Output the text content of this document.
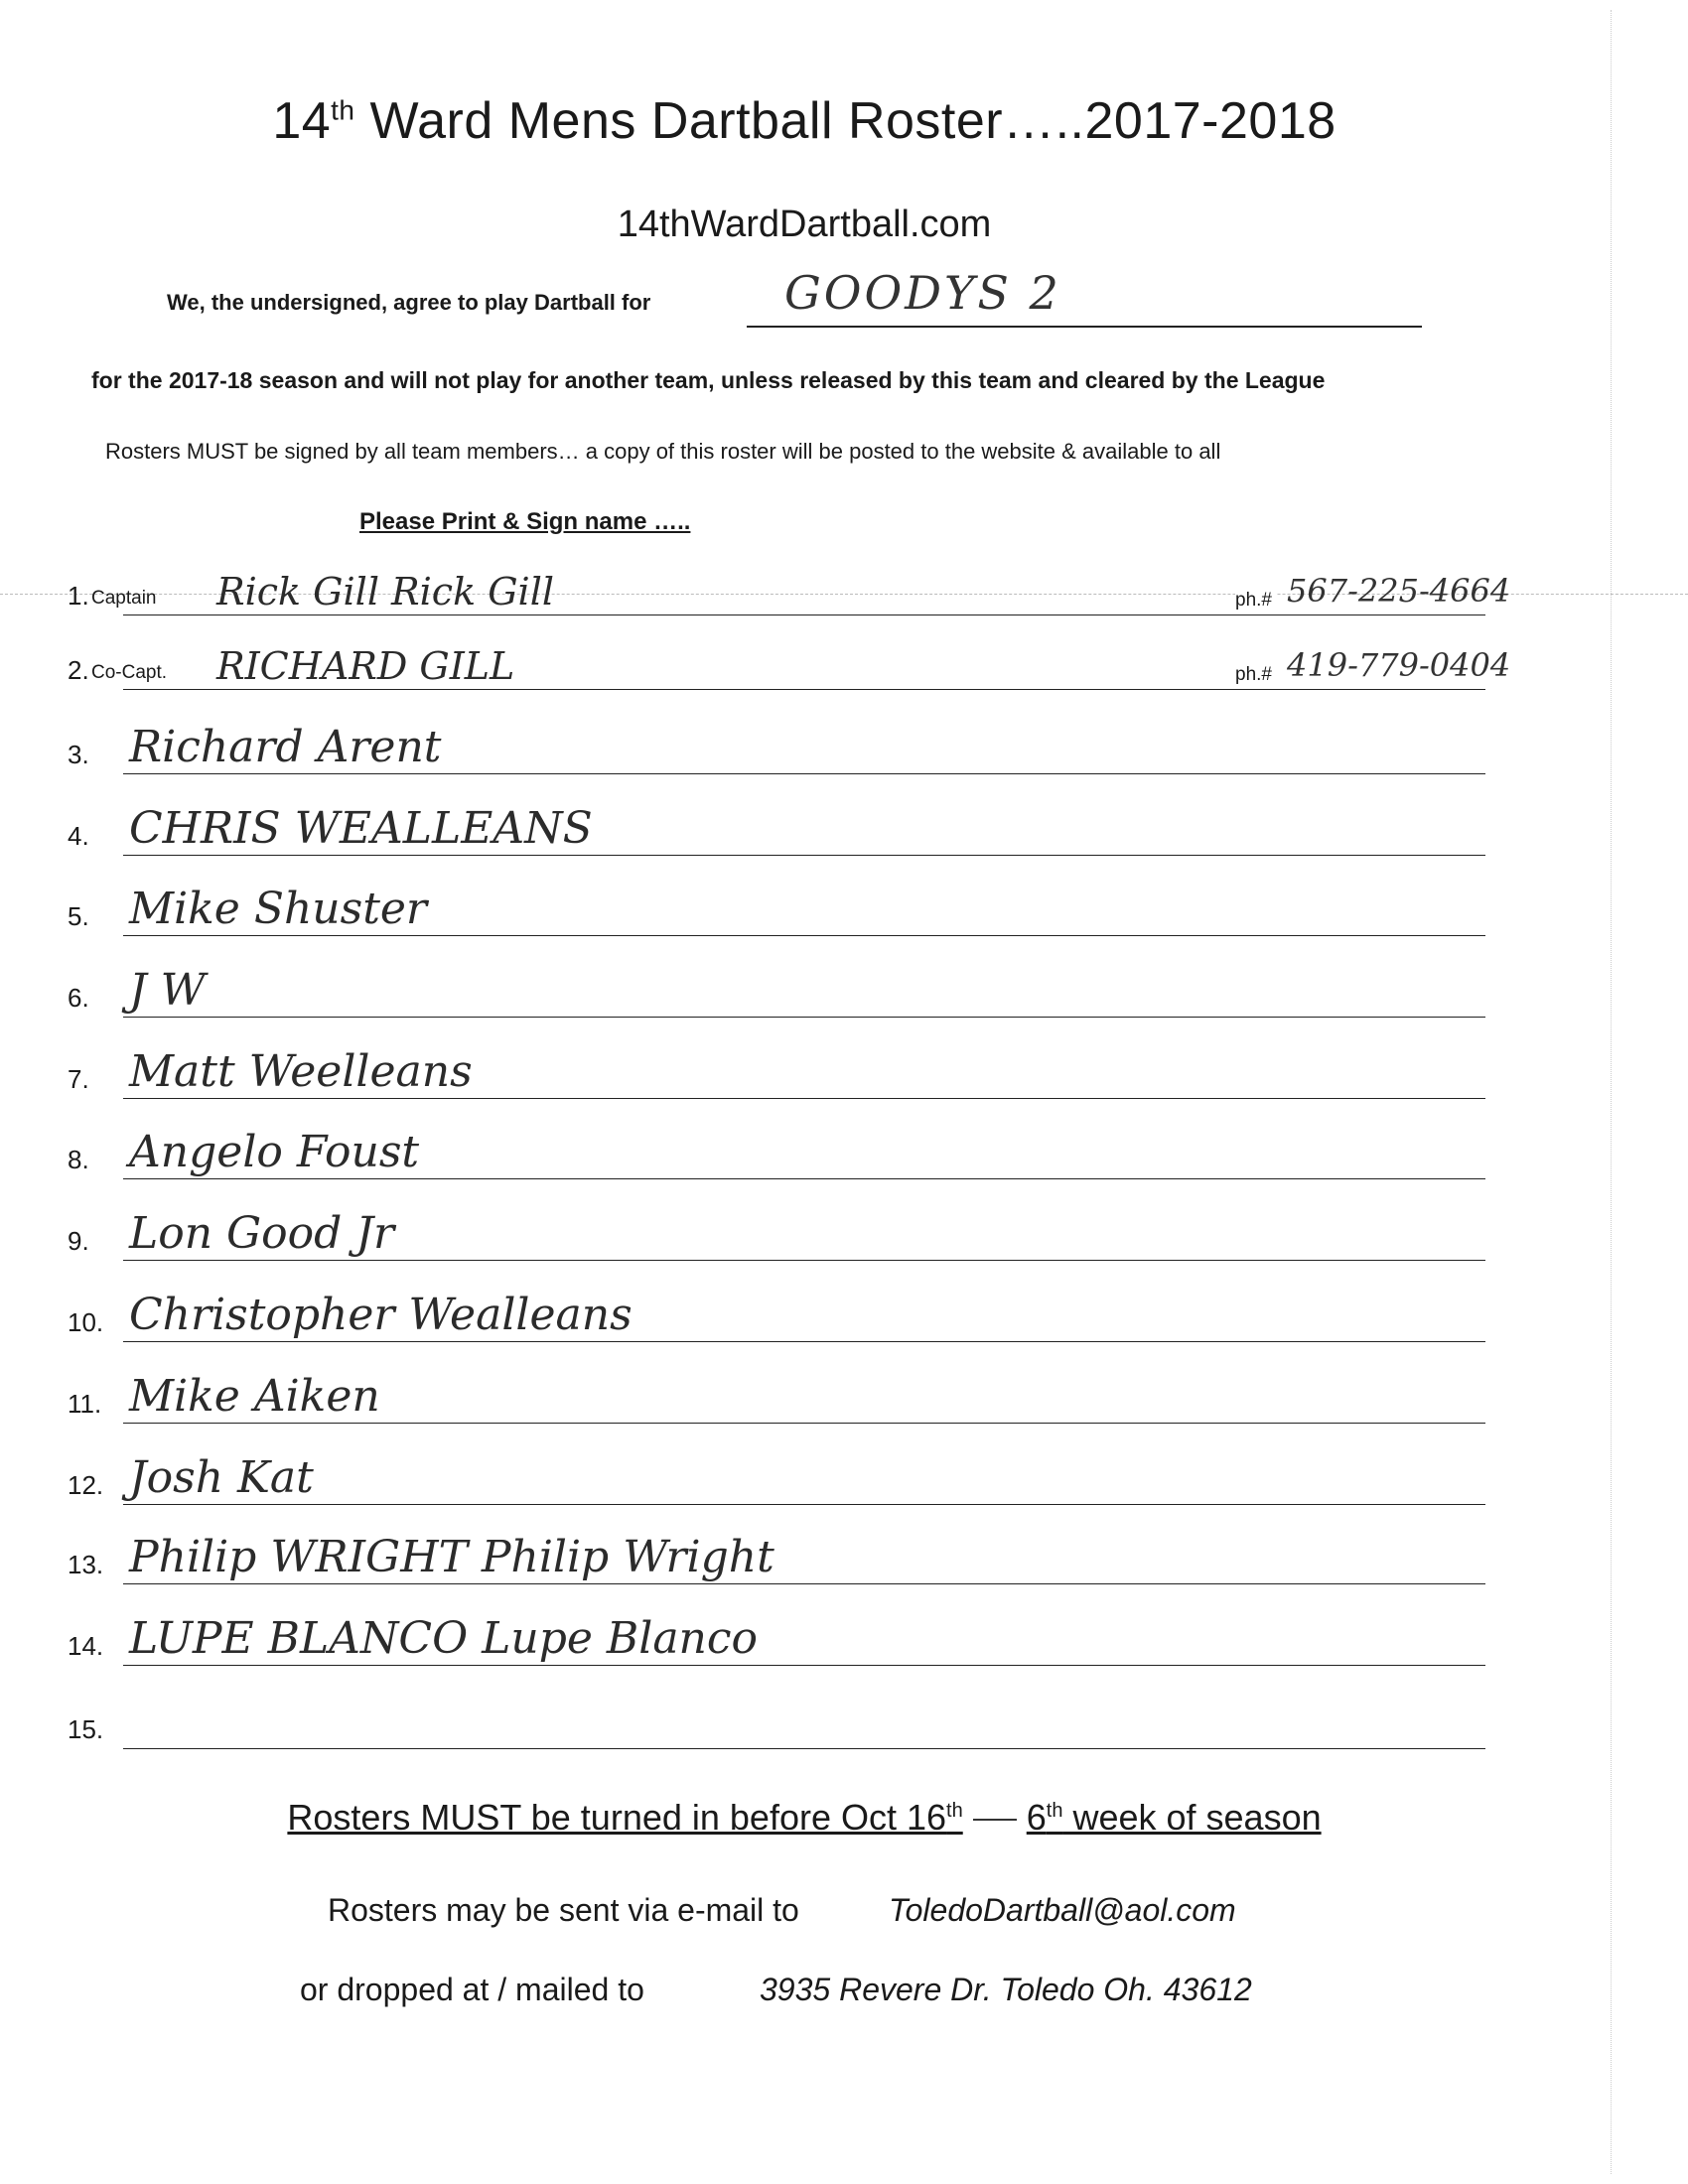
14th Ward Mens Dartball Roster…..2017-2018
14thWardDartball.com
We, the undersigned, agree to play Dartball for	GOODYS 2
for the 2017-18 season and will not play for another team, unless released by this team and cleared by the League
Rosters MUST be signed by all team members… a copy of this roster will be posted to the website & available to all
Please Print & Sign name …..
1. Captain Rick Gill Rick Gill	ph.# 567-225-4664
2. Co-Capt. RICHARD GILL	ph.# 419-779-0404
3. Richard Arent
4. CHRIS WEALLEANS
5. Mike Shuster
6. J W
7. Matt Weelleans
8. Angelo Foust
9. Lon Good Jr
10. Christopher Wealleans
11. Mike Aiken
12. Josh Kat
13. Philip WRIGHT Philip Wright
14. LUPE BLANCO Lupe Blanco
15.
Rosters MUST be turned in before Oct 16th 6th week of season
Rosters may be sent via e-mail to	ToledoDartball@aol.com
or dropped at / mailed to	3935 Revere Dr. Toledo Oh. 43612
